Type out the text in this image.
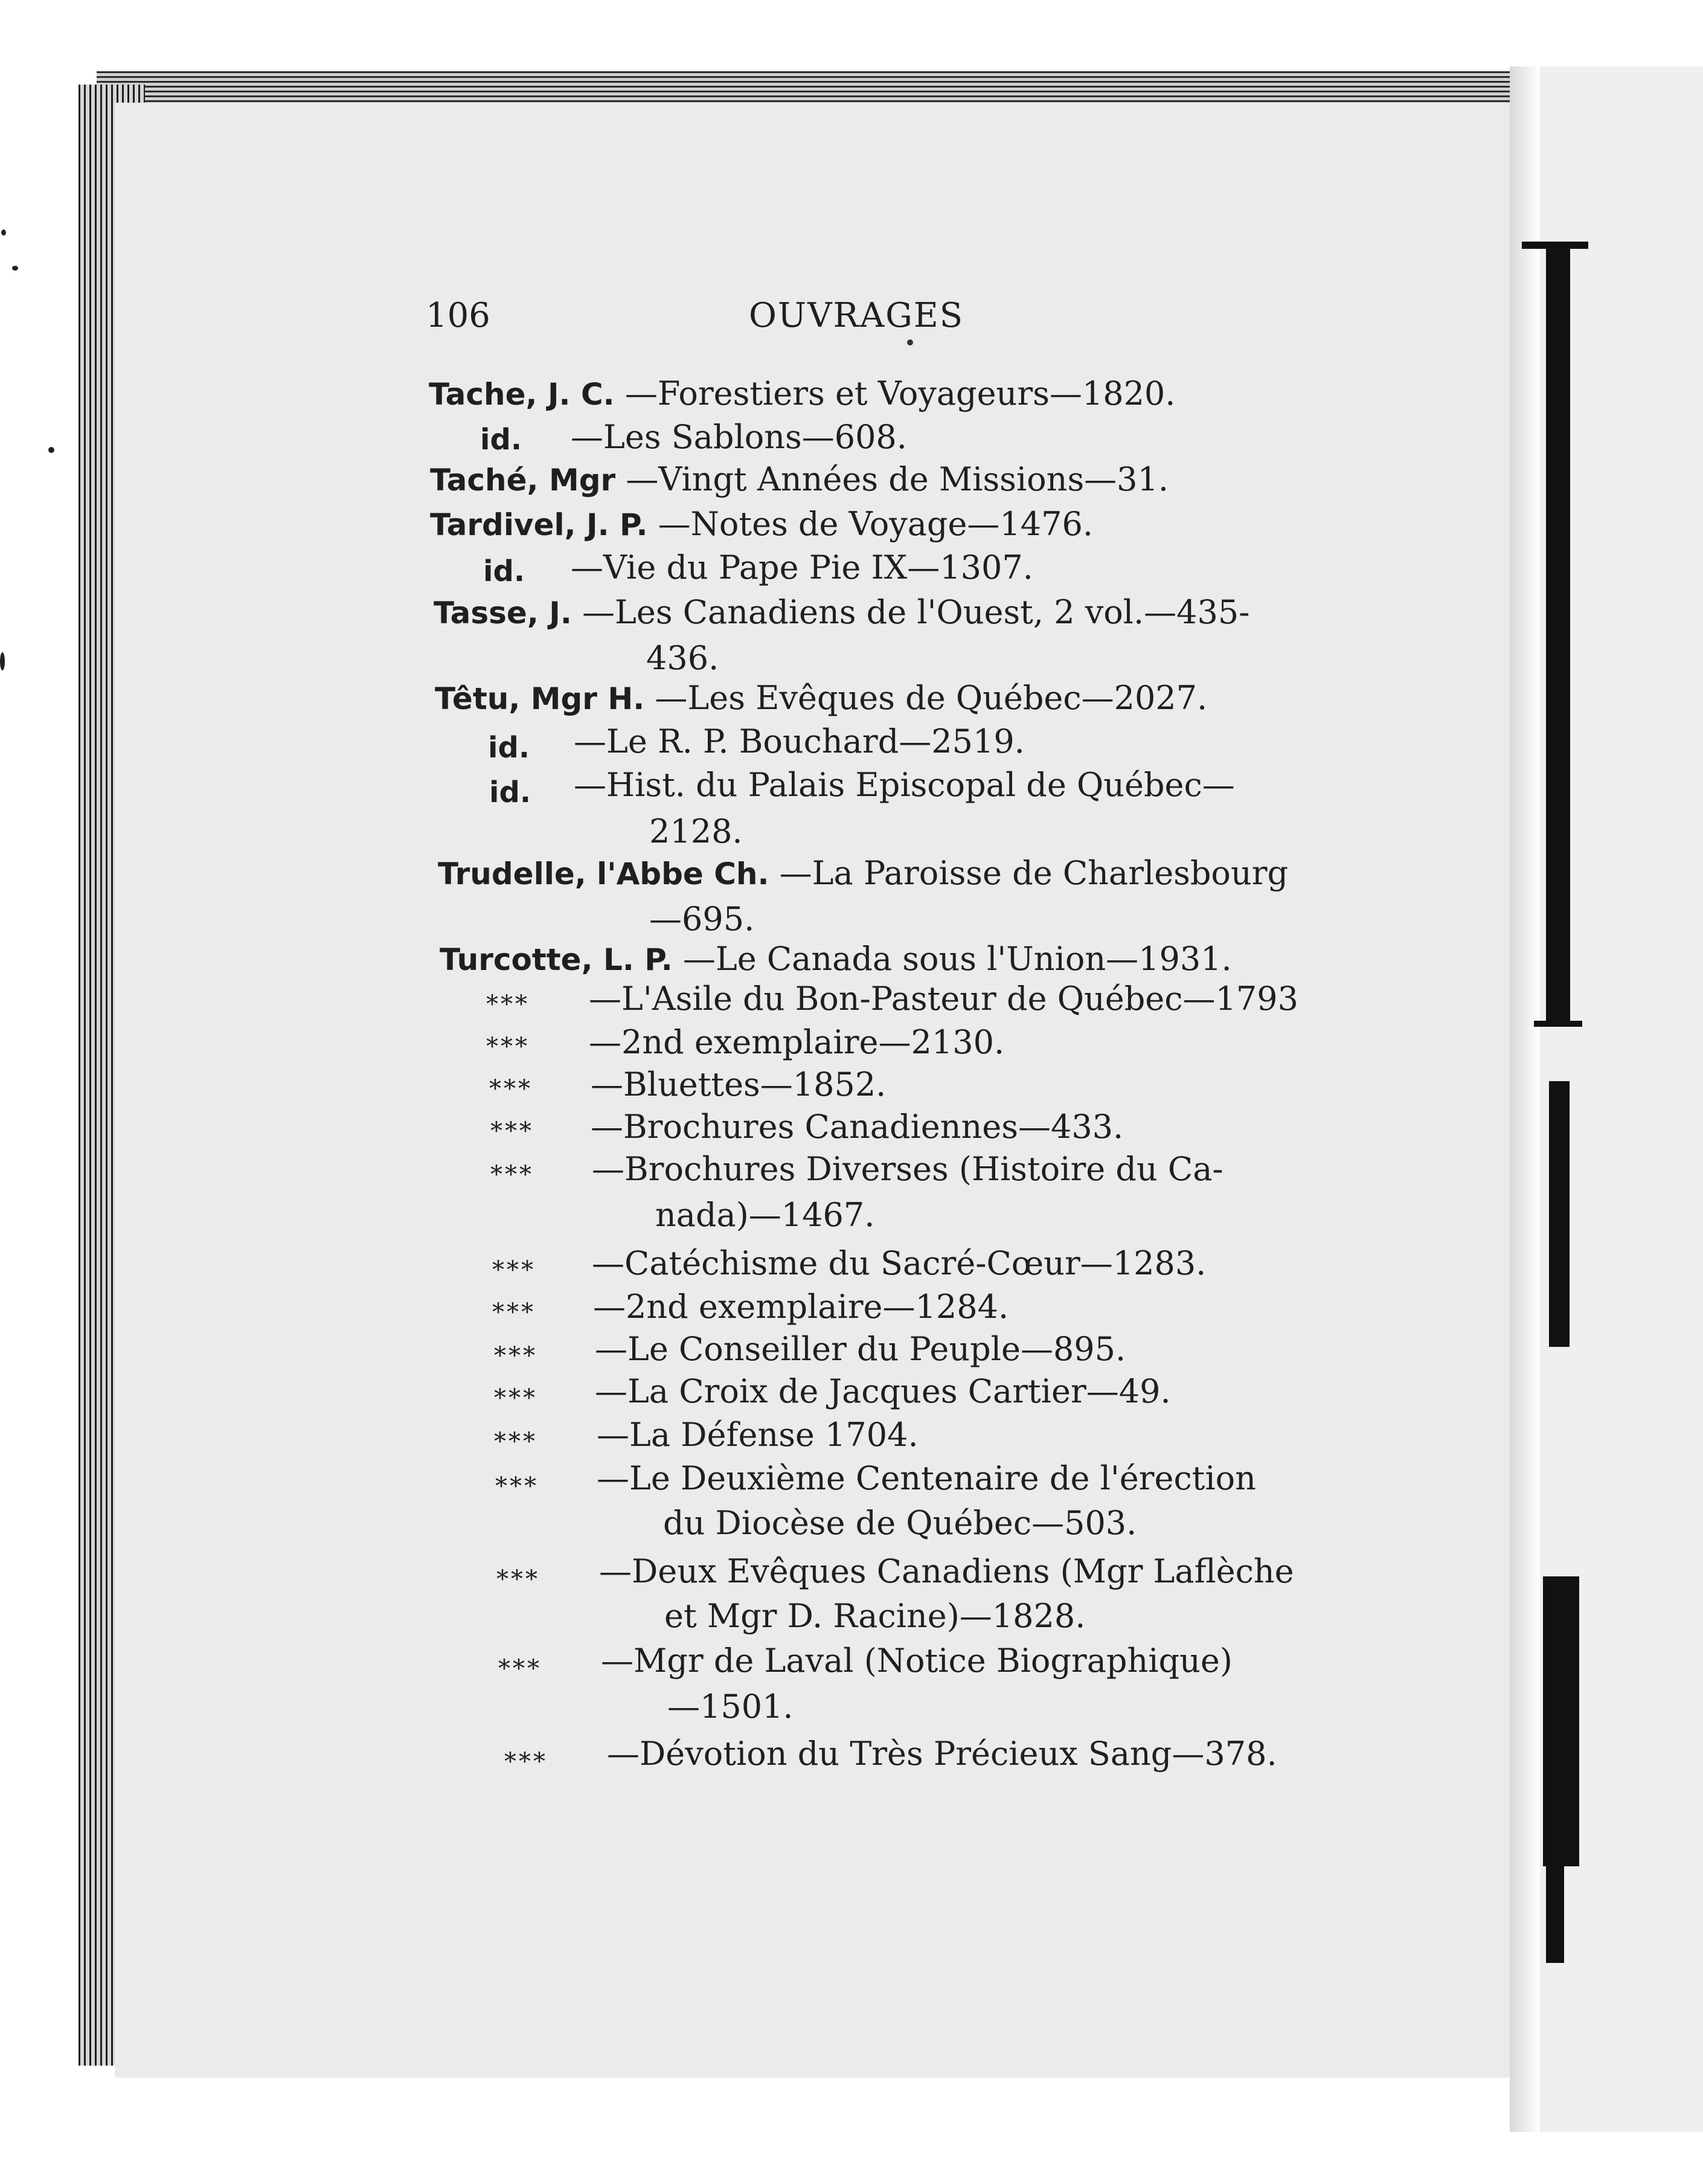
106	OUVRAGES
Tache, J. C. —Forestiers et Voyageurs—1820.
id. —Les Sablons—608.
Taché, Mgr —Vingt Années de Missions—31.
Tardivel, J. P. —Notes de Voyage—1476.
id. —Vie du Pape Pie IX—1307.
Tasse, J. —Les Canadiens de l'Ouest, 2 vol.—435-
436.
Têtu, Mgr H. —Les Evêques de Québec—2027.
id. —Le R. P. Bouchard—2519.
id. —Hist. du Palais Episcopal de Québec—
2128.
Trudelle, l'Abbe Ch. —La Paroisse de Charlesbourg
—695.
Turcotte, L. P. —Le Canada sous l'Union—1931.
*** —L'Asile du Bon-Pasteur de Québec—1793
*** —2nd exemplaire—2130.
*** —Bluettes—1852.
*** —Brochures Canadiennes—433.
*** —Brochures Diverses (Histoire du Ca-
nada)—1467.
*** —Catéchisme du Sacré-Cœur—1283.
*** —2nd exemplaire—1284.
*** —Le Conseiller du Peuple—895.
*** —La Croix de Jacques Cartier—49.
*** —La Défense 1704.
*** —Le Deuxième Centenaire de l'érection
du Diocèse de Québec—503.
*** —Deux Evêques Canadiens (Mgr Laflèche
et Mgr D. Racine)—1828.
*** —Mgr de Laval (Notice Biographique)
—1501.
*** —Dévotion du Très Précieux Sang—378.
